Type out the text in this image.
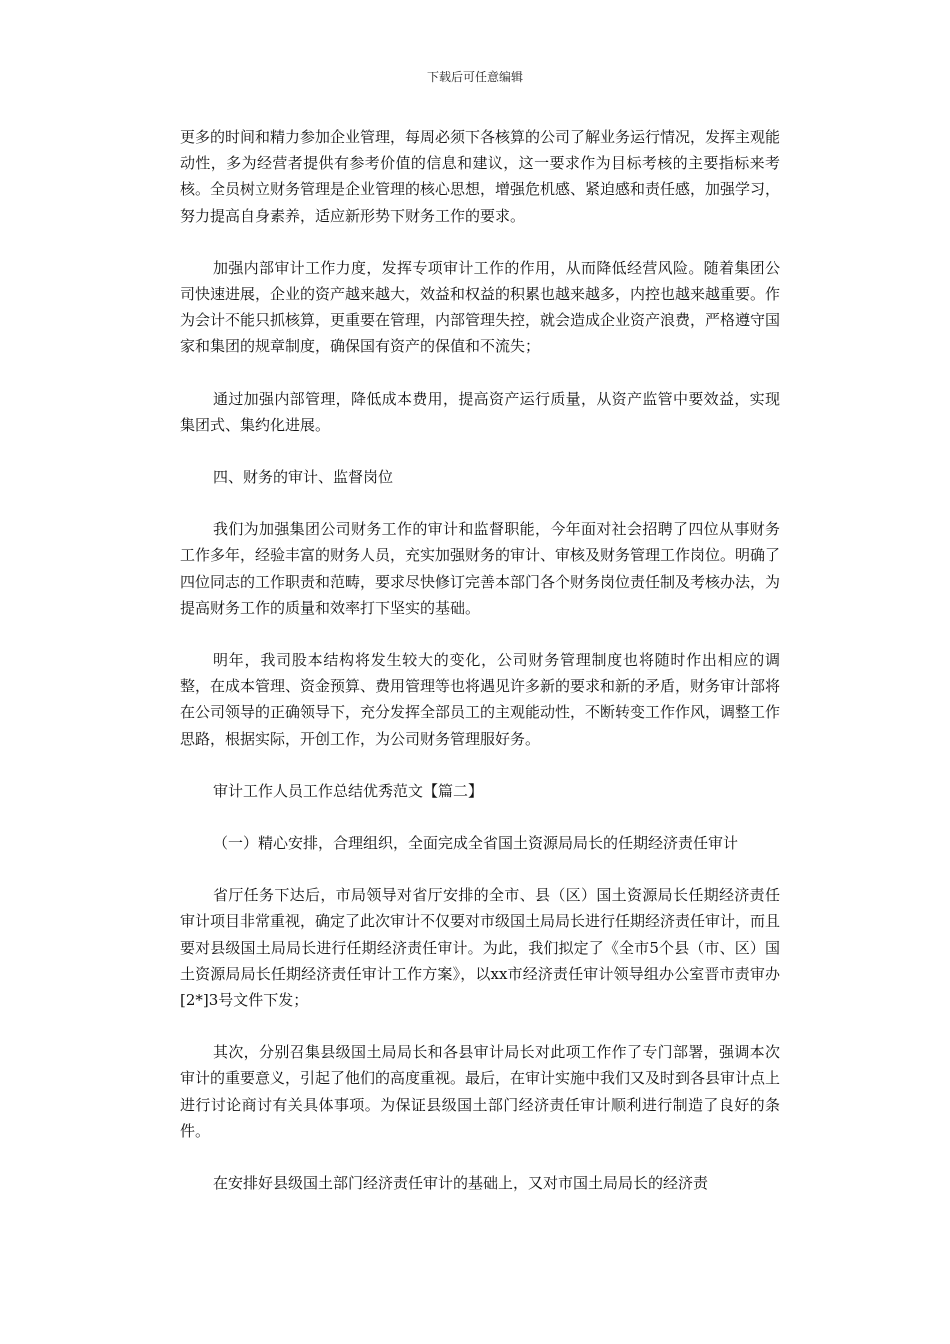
下载后可任意编辑

更多的时间和精力参加企业管理，每周必须下各核算的公司了解业务运行情况，发挥主观能动性，多为经营者提供有参考价值的信息和建议，这一要求作为目标考核的主要指标来考核。全员树立财务管理是企业管理的核心思想，增强危机感、紧迫感和责任感，加强学习，努力提高自身素养，适应新形势下财务工作的要求。

加强内部审计工作力度，发挥专项审计工作的作用，从而降低经营风险。随着集团公司快速进展，企业的资产越来越大，效益和权益的积累也越来越多，内控也越来越重要。作为会计不能只抓核算，更重要在管理，内部管理失控，就会造成企业资产浪费，严格遵守国家和集团的规章制度，确保国有资产的保值和不流失；

通过加强内部管理，降低成本费用，提高资产运行质量，从资产监管中要效益，实现集团式、集约化进展。

四、财务的审计、监督岗位

我们为加强集团公司财务工作的审计和监督职能，今年面对社会招聘了四位从事财务工作多年，经验丰富的财务人员，充实加强财务的审计、审核及财务管理工作岗位。明确了四位同志的工作职责和范畴，要求尽快修订完善本部门各个财务岗位责任制及考核办法，为提高财务工作的质量和效率打下坚实的基础。

明年，我司股本结构将发生较大的变化，公司财务管理制度也将随时作出相应的调整，在成本管理、资金预算、费用管理等也将遇见许多新的要求和新的矛盾，财务审计部将在公司领导的正确领导下，充分发挥全部员工的主观能动性，不断转变工作作风，调整工作思路，根据实际，开创工作，为公司财务管理服好务。

审计工作人员工作总结优秀范文【篇二】

（一）精心安排，合理组织，全面完成全省国土资源局局长的任期经济责任审计

省厅任务下达后，市局领导对省厅安排的全市、县（区）国土资源局长任期经济责任审计项目非常重视，确定了此次审计不仅要对市级国土局局长进行任期经济责任审计，而且要对县级国土局局长进行任期经济责任审计。为此，我们拟定了《全市5个县（市、区）国土资源局局长任期经济责任审计工作方案》，以xx市经济责任审计领导组办公室晋市责审办[2*]3号文件下发；

其次，分别召集县级国土局局长和各县审计局长对此项工作作了专门部署，强调本次审计的重要意义，引起了他们的高度重视。最后，在审计实施中我们又及时到各县审计点上进行讨论商讨有关具体事项。为保证县级国土部门经济责任审计顺利进行制造了良好的条件。

在安排好县级国土部门经济责任审计的基础上，又对市国土局局长的经济责
